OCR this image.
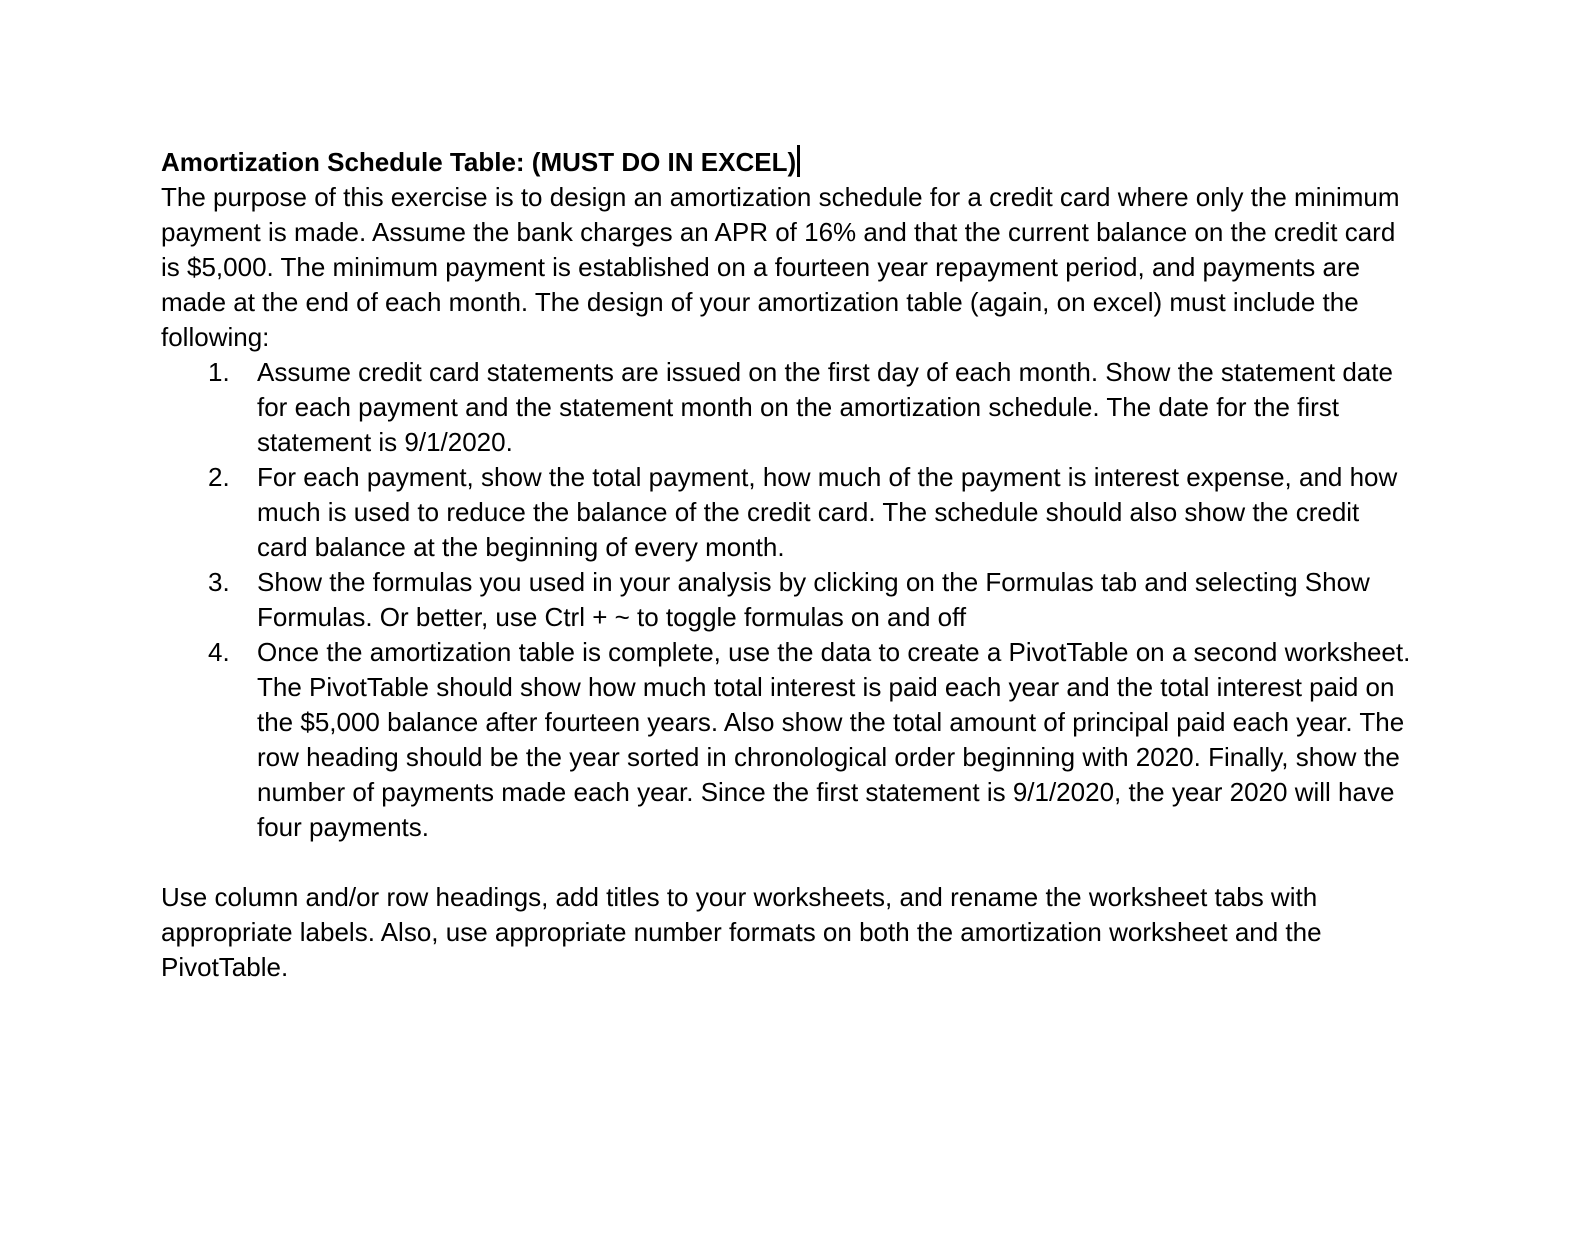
Amortization Schedule Table: (MUST DO IN EXCEL)

The purpose of this exercise is to design an amortization schedule for a credit card where only the minimum payment is made. Assume the bank charges an APR of 16% and that the current balance on the credit card is $5,000. The minimum payment is established on a fourteen year repayment period, and payments are made at the end of each month. The design of your amortization table (again, on excel) must include the following:

1. Assume credit card statements are issued on the first day of each month. Show the statement date for each payment and the statement month on the amortization schedule. The date for the first statement is 9/1/2020.
2. For each payment, show the total payment, how much of the payment is interest expense, and how much is used to reduce the balance of the credit card. The schedule should also show the credit card balance at the beginning of every month.
3. Show the formulas you used in your analysis by clicking on the Formulas tab and selecting Show Formulas. Or better, use Ctrl + ~ to toggle formulas on and off
4. Once the amortization table is complete, use the data to create a PivotTable on a second worksheet. The PivotTable should show how much total interest is paid each year and the total interest paid on the $5,000 balance after fourteen years. Also show the total amount of principal paid each year. The row heading should be the year sorted in chronological order beginning with 2020. Finally, show the number of payments made each year. Since the first statement is 9/1/2020, the year 2020 will have four payments.

Use column and/or row headings, add titles to your worksheets, and rename the worksheet tabs with appropriate labels. Also, use appropriate number formats on both the amortization worksheet and the PivotTable.
